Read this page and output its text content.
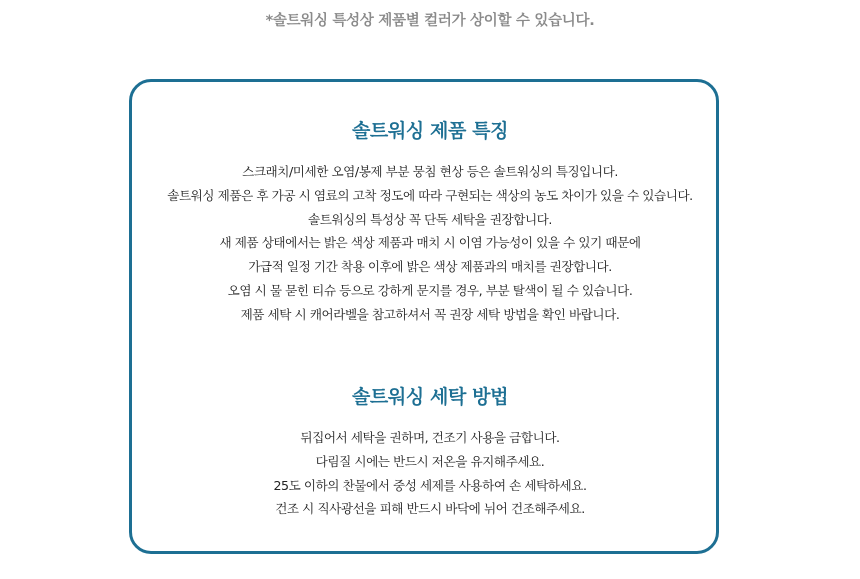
*솔트워싱 특성상 제품별 컬러가 상이할 수 있습니다.
솔트워싱 제품 특징
스크래치/미세한 오염/봉제 부분 뭉침 현상 등은 솔트워싱의 특징입니다.
솔트워싱 제품은 후 가공 시 염료의 고착 정도에 따라 구현되는 색상의 농도 차이가 있을 수 있습니다.
솔트워싱의 특성상 꼭 단독 세탁을 권장합니다.
새 제품 상태에서는 밝은 색상 제품과 매치 시 이염 가능성이 있을 수 있기 때문에
가급적 일정 기간 착용 이후에 밝은 색상 제품과의 매치를 권장합니다.
오염 시 물 묻힌 티슈 등으로 강하게 문지를 경우, 부분 탈색이 될 수 있습니다.
제품 세탁 시 캐어라벨을 참고하셔서 꼭 권장 세탁 방법을 확인 바랍니다.
솔트워싱 세탁 방법
뒤집어서 세탁을 권하며, 건조기 사용을 금합니다.
다림질 시에는 반드시 저온을 유지해주세요.
25도 이하의 찬물에서 중성 세제를 사용하여 손 세탁하세요.
건조 시 직사광선을 피해 반드시 바닥에 뉘어 건조해주세요.
